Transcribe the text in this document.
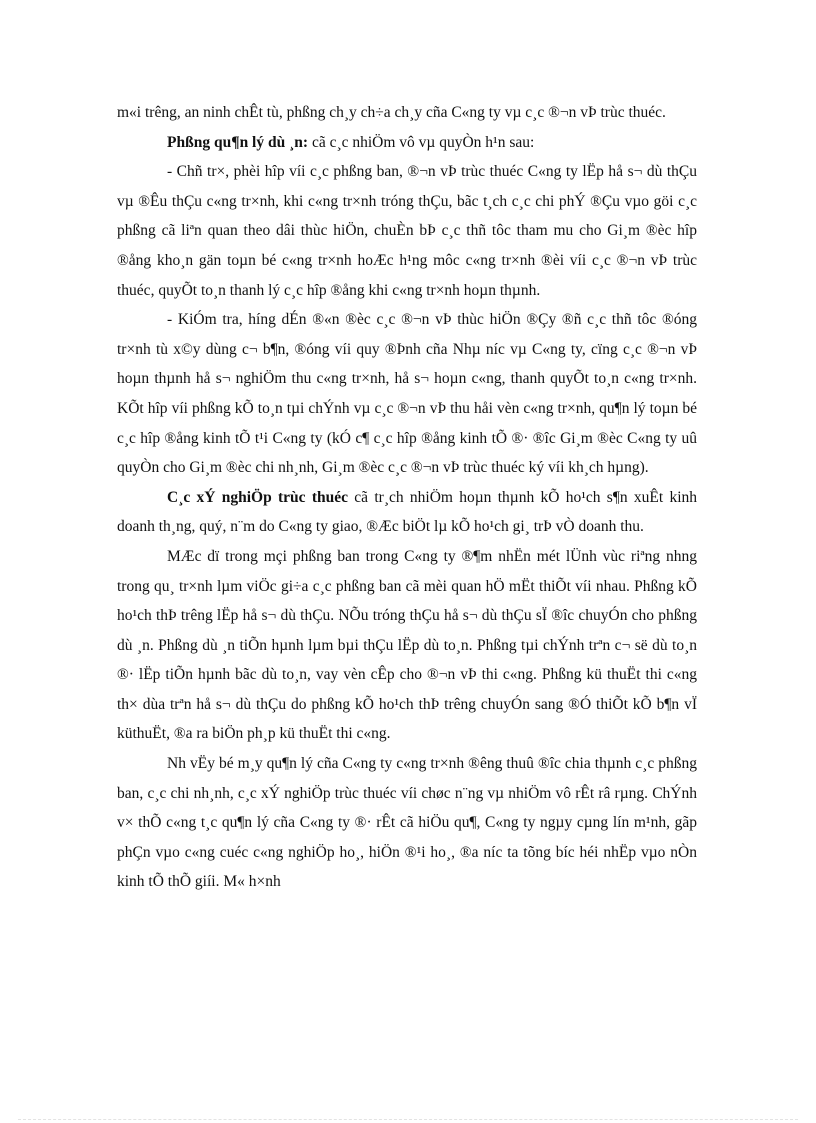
m«i trêng, an ninh chÊt tù, phßng ch¸y ch÷a ch¸y cña C«ng ty vµ c¸c ®¬n vÞ trùc thuéc.

Phßng qu¶n lý dù ¸n: cã c¸c nhiÖm vô vµ quyÒn h¹n sau:

- Chñ tr×, phèi hîp víi c¸c phßng ban, ®¬n vÞ trùc thuéc C«ng ty lËp hå s¬ dù thÇu vµ ®Êu thÇu c«ng tr×nh, khi c«ng tr×nh tróng thÇu, bãc t¸ch c¸c chi phÝ ®Çu vµo göi c¸c phßng cã liªn quan theo dâi thùc hiÖn, chuÈn bÞ c¸c thñ tôc tham mu cho Gi¸m ®èc hîp ®ång kho¸n gän toµn bé c«ng tr×nh hoÆc h¹ng môc c«ng tr×nh ®èi víi c¸c ®¬n vÞ trùc thuéc, quyÕt to¸n thanh lý c¸c hîp ®ång khi c«ng tr×nh hoµn thµnh.

- KiÓm tra, híng dÉn ®«n ®èc c¸c ®¬n vÞ thùc hiÖn ®Çy ®ñ c¸c thñ tôc ®óng tr×nh tù x©y dùng c¬ b¶n, ®óng víi quy ®Þnh cña Nhµ níc vµ C«ng ty, cïng c¸c ®¬n vÞ hoµn thµnh hå s¬ nghiÖm thu c«ng tr×nh, hå s¬ hoµn c«ng, thanh quyÕt to¸n c«ng tr×nh. KÕt hîp víi phßng kÕ to¸n tµi chÝnh vµ c¸c ®¬n vÞ thu håi vèn c«ng tr×nh, qu¶n lý toµn bé c¸c hîp ®ång kinh tÕ t¹i C«ng ty (kÓ c¶ c¸c hîp ®ång kinh tÕ ®· ®îc Gi¸m ®èc C«ng ty uû quyÒn cho Gi¸m ®èc chi nh¸nh, Gi¸m ®èc c¸c ®¬n vÞ trùc thuéc ký víi kh¸ch hµng).

C¸c xÝ nghiÖp trùc thuéc cã tr¸ch nhiÖm hoµn thµnh kÕ ho¹ch s¶n xuÊt kinh doanh th¸ng, quý, n¨m do C«ng ty giao, ®Æc biÖt lµ kÕ ho¹ch gi¸ trÞ vÒ doanh thu.

MÆc dï trong mçi phßng ban trong C«ng ty ®¶m nhËn mét lÜnh vùc riªng nhng trong qu¸ tr×nh lµm viÖc gi÷a c¸c phßng ban cã mèi quan hÖ mËt thiÕt víi nhau. Phßng kÕ ho¹ch thÞ trêng lËp hå s¬ dù thÇu. NÕu tróng thÇu hå s¬ dù thÇu sÏ ®îc chuyÓn cho phßng dù ¸n. Phßng dù ¸n tiÕn hµnh lµm bµi thÇu lËp dù to¸n. Phßng tµi chÝnh trªn c¬ së dù to¸n ®· lËp tiÕn hµnh bãc dù to¸n, vay vèn cÊp cho ®¬n vÞ thi c«ng. Phßng kü thuËt thi c«ng th× dùa trªn hå s¬ dù thÇu do phßng kÕ ho¹ch thÞ trêng chuyÓn sang ®Ó thiÕt kÕ b¶n vÏ küthuËt, ®a ra biÖn ph¸p kü thuËt thi c«ng.

Nh vËy bé m¸y qu¶n lý cña C«ng ty c«ng tr×nh ®êng thuû ®îc chia thµnh c¸c phßng ban, c¸c chi nh¸nh, c¸c xÝ nghiÖp trùc thuéc víi chøc n¨ng vµ nhiÖm vô rÊt râ rµng. ChÝnh v× thÕ c«ng t¸c qu¶n lý cña C«ng ty ®· rÊt cã hiÖu qu¶, C«ng ty ngµy cµng lín m¹nh, gãp phÇn vµo c«ng cuéc c«ng nghiÖp ho¸, hiÖn ®¹i ho¸, ®a níc ta tõng bíc héi nhËp vµo nÒn kinh tÕ thÕ giíi. M« h×nh
